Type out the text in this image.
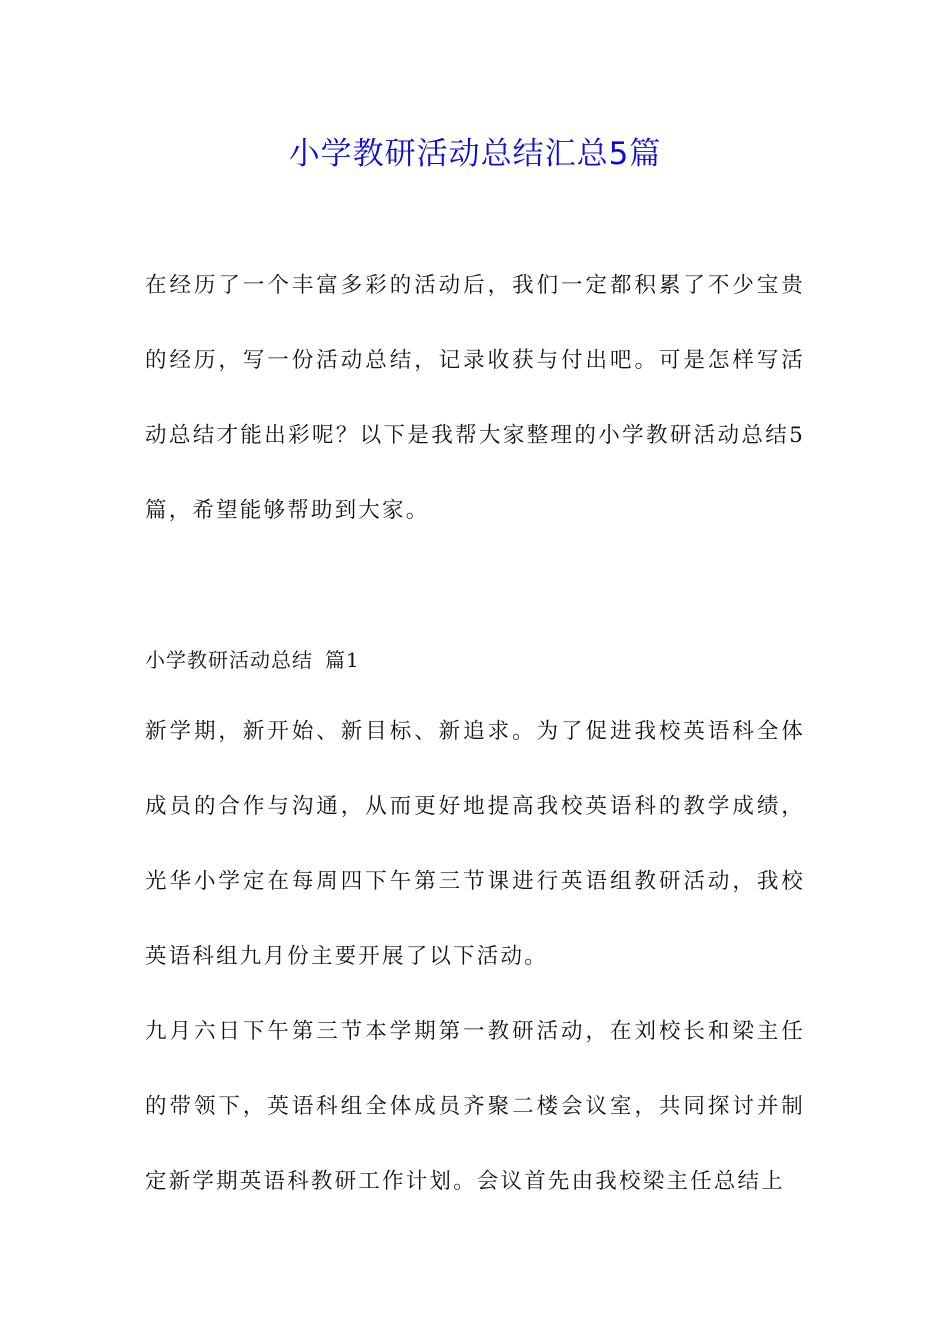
小学教研活动总结汇总5篇
在经历了一个丰富多彩的活动后，我们一定都积累了不少宝贵的经历，写一份活动总结，记录收获与付出吧。可是怎样写活动总结才能出彩呢？以下是我帮大家整理的小学教研活动总结5篇，希望能够帮助到大家。
小学教研活动总结 篇1
新学期，新开始、新目标、新追求。为了促进我校英语科全体成员的合作与沟通，从而更好地提高我校英语科的教学成绩，光华小学定在每周四下午第三节课进行英语组教研活动，我校英语科组九月份主要开展了以下活动。
九月六日下午第三节本学期第一教研活动，在刘校长和梁主任的带领下，英语科组全体成员齐聚二楼会议室，共同探讨并制定新学期英语科教研工作计划。会议首先由我校梁主任总结上
